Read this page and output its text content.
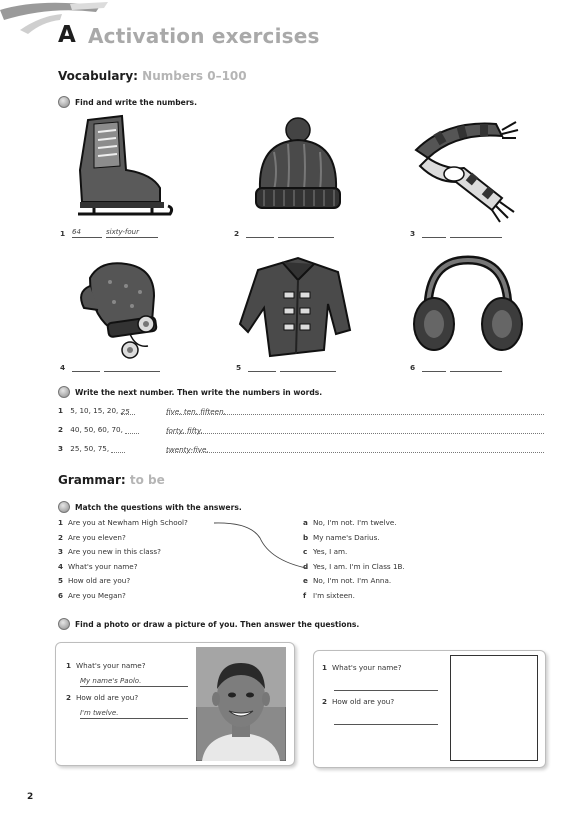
A Activation exercises
Vocabulary: Numbers 0–100
Find and write the numbers.
1 64	sixty-four	2	3
4	5	6
Write the next number. Then write the numbers in words.
1 5, 10, 15, 20, 25	five, ten, fifteen,
2 40, 50, 60, 70,	forty, fifty,
3 25, 50, 75,	twenty-five,
Grammar: to be
Match the questions with the answers.
1 Are you at Newham High School?
2 Are you eleven?
3 Are you new in this class?
4 What's your name?
5 How old are you?
6 Are you Megan?
a No, I'm not. I'm twelve.
b My name's Darius.
c Yes, I am.
d Yes, I am. I'm in Class 1B.
e No, I'm not. I'm Anna.
f I'm sixteen.
Find a photo or draw a picture of you. Then answer the questions.
1 What's your name?
My name's Paolo.
2 How old are you?
I'm twelve.
1 What's your name?
2 How old are you?
2
